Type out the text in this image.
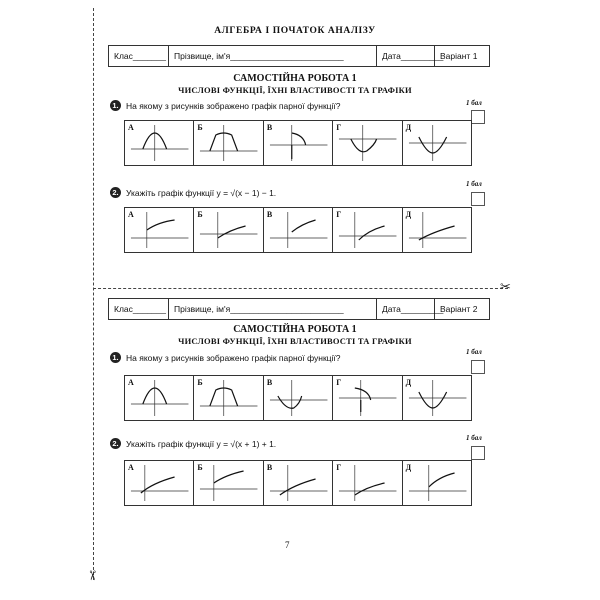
✂
✂
АЛГЕБРА І ПОЧАТОК АНАЛІЗУ
Клас_______ Прізвище, ім'я________________________	Дата_________
Варіант 1
САМОСТІЙНА РОБОТА 1
ЧИСЛОВІ ФУНКЦІЇ, ЇХНІ ВЛАСТИВОСТІ ТА ГРАФІКИ
1. На якому з рисунків зображено графік парної функції?	1 бал
А	Б	В	Г	Д
2. Укажіть графік функції y = √(x − 1) − 1.
1 бал
А	Б	В	Г	Д
Клас_______ Прізвище, ім'я________________________	Дата_________
Варіант 2
САМОСТІЙНА РОБОТА 1
ЧИСЛОВІ ФУНКЦІЇ, ЇХНІ ВЛАСТИВОСТІ ТА ГРАФІКИ
1. На якому з рисунків зображено графік парної функції?
1 бал
А	Б	В	Г	Д
2. Укажіть графік функції y = √(x + 1) + 1.
1 бал
А	Б	В	Г	Д
7
